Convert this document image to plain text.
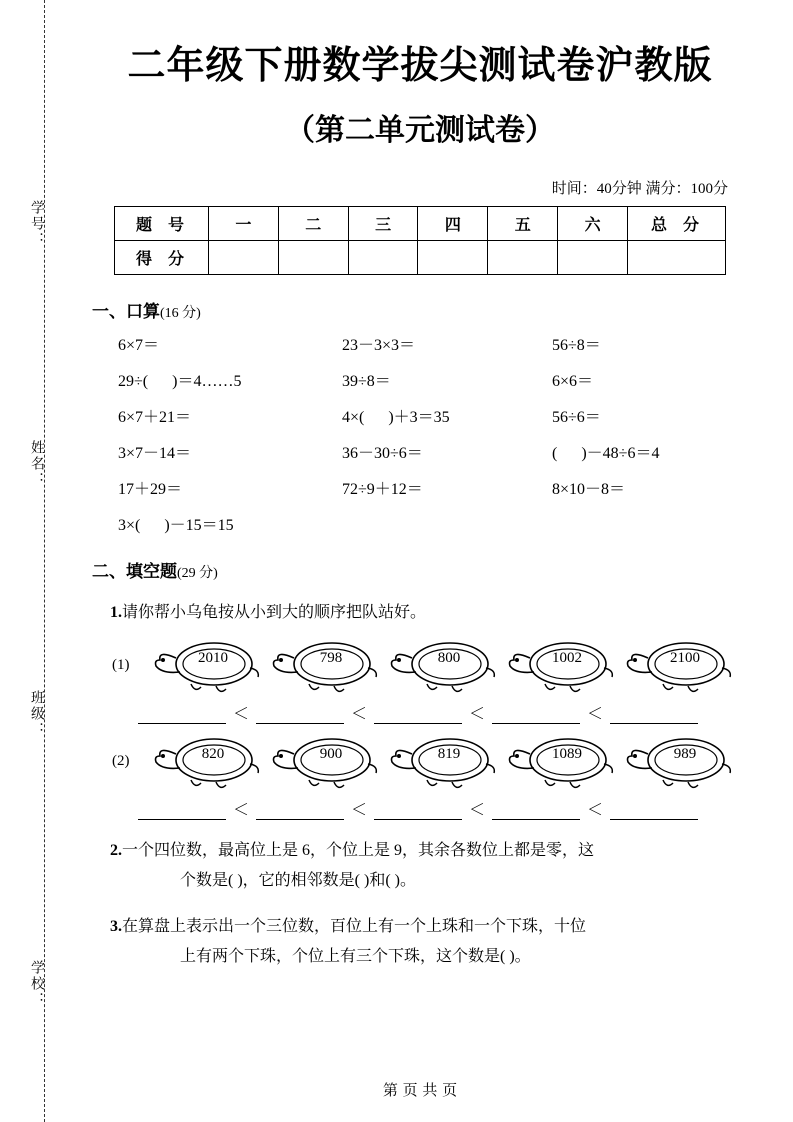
学号：
姓名：
班级：
学校：
二年级下册数学拔尖测试卷沪教版
（第二单元测试卷）
时间：40分钟 满分：100分
题 号	一	二	三	四	五	六	总 分
得 分							
一、口算(16 分)
6×7＝	23－3×3＝	56÷8＝
29÷(      )＝4……5	39÷8＝	6×6＝
6×7＋21＝	4×(      )＋3＝35	56÷6＝
3×7－14＝	36－30÷6＝	(      )－48÷6＝4
17＋29＝	72÷9＋12＝	8×10－8＝
3×(      )－15＝15
二、填空题(29 分)
1.请你帮小乌龟按从小到大的顺序把队站好。
(1)	2010	798	800	1002	2100
＜	＜	＜	＜
(2)	820	900	819	1089	989
＜	＜	＜	＜
2.一个四位数，最高位上是 6，个位上是 9，其余各数位上都是零，这
个数是( )，它的相邻数是( )和( )。
3.在算盘上表示出一个三位数，百位上有一个上珠和一个下珠，十位
上有两个下珠，个位上有三个下珠，这个数是( )。
第 页 共 页
